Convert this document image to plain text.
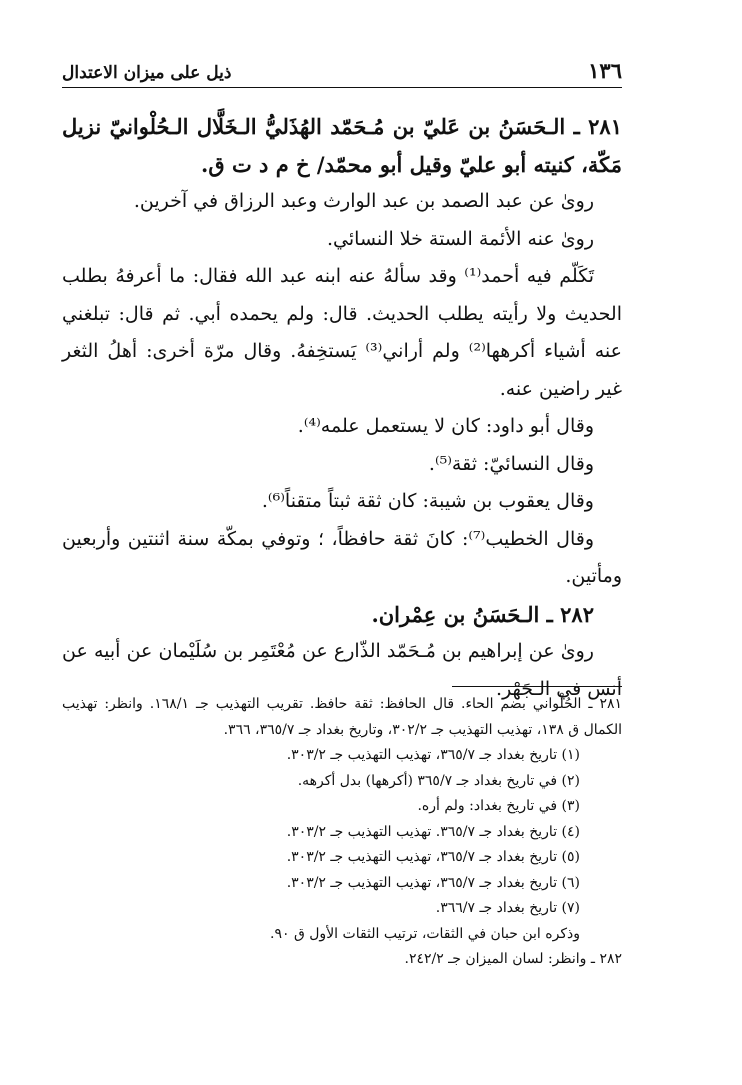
١٣٦
ذيل على ميزان الاعتدال

٢٨١ ـ الـحَسَنُ بن عَليّ بن مُـحَمّد الهُذَليُّ الـخَلَّال الـحُلْوانيّ نزيل مَكّة، كنيته أبو عليّ وقيل أبو محمّد/ خ م د ت ق.

رویٰ عن عبد الصمد بن عبد الوارث وعبد الرزاق في آخرين.

رویٰ عنه الأئمة الستة خلا النسائي.

تَكَلّم فيه أحمد⁽¹⁾ وقد سألهُ عنه ابنه عبد الله فقال: ما أعرفهُ بطلب الحديث ولا رأيته يطلب الحديث. قال: ولم يحمده أبي. ثم قال: تبلغني عنه أشياء أكرهها⁽²⁾ ولم أراني⁽³⁾ يَستخِفهُ. وقال مرّة أخرى: أهلُ الثغر غير راضين عنه.

وقال أبو داود: كان لا يستعمل علمه⁽⁴⁾.

وقال النسائيّ: ثقة⁽⁵⁾.

وقال يعقوب بن شيبة: كان ثقة ثبتاً متقناً⁽⁶⁾.

وقال الخطيب⁽⁷⁾: كانَ ثقة حافظاً، ؛ وتوفي بمكّة سنة اثنتين وأربعين ومأتين.

٢٨٢ ـ الـحَسَنُ بن عِمْران.

رویٰ عن إبراهيم بن مُـحَمّد الذّارع عن مُعْتَمِر بن سُلَيْمان عن أبيه عن أنس في الـجَهْر.

٢٨١ ـ الحُلْواني بضم الحاء. قال الحافظ: ثقة حافظ. تقريب التهذيب جـ ١٦٨/١. وانظر: تهذيب الكمال ق ١٣٨، تهذيب التهذيب جـ ٣٠٢/٢، وتاريخ بغداد جـ ٣٦٥/٧، ٣٦٦.

(١) تاريخ بغداد جـ ٣٦٥/٧، تهذيب التهذيب جـ ٣٠٣/٢.

(٢) في تاريخ بغداد جـ ٣٦٥/٧ (أكرهها) بدل أكرهه.

(٣) في تاريخ بغداد: ولم أره.

(٤) تاريخ بغداد جـ ٣٦٥/٧. تهذيب التهذيب جـ ٣٠٣/٢.

(٥) تاريخ بغداد جـ ٣٦٥/٧، تهذيب التهذيب جـ ٣٠٣/٢.

(٦) تاريخ بغداد جـ ٣٦٥/٧، تهذيب التهذيب جـ ٣٠٣/٢.

(٧) تاريخ بغداد جـ ٣٦٦/٧.

وذكره ابن حبان في الثقات، ترتيب الثقات الأول ق ٩٠.

٢٨٢ ـ وانظر: لسان الميزان جـ ٢٤٢/٢.
